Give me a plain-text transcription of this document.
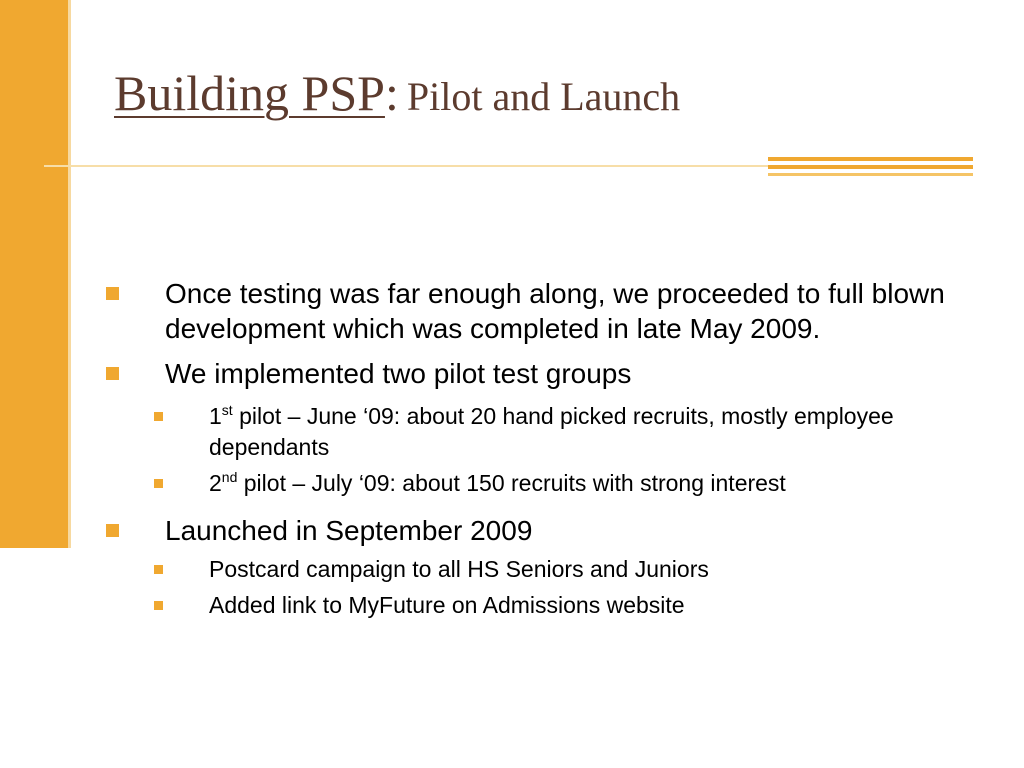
Building PSP: Pilot and Launch

Once testing was far enough along, we proceeded to full blown development which was completed in late May 2009.

We implemented two pilot test groups

1st pilot – June ‘09: about 20 hand picked recruits, mostly employee dependants

2nd pilot – July ‘09: about 150 recruits with strong interest

Launched in September 2009

Postcard campaign to all HS Seniors and Juniors

Added link to MyFuture on Admissions website
